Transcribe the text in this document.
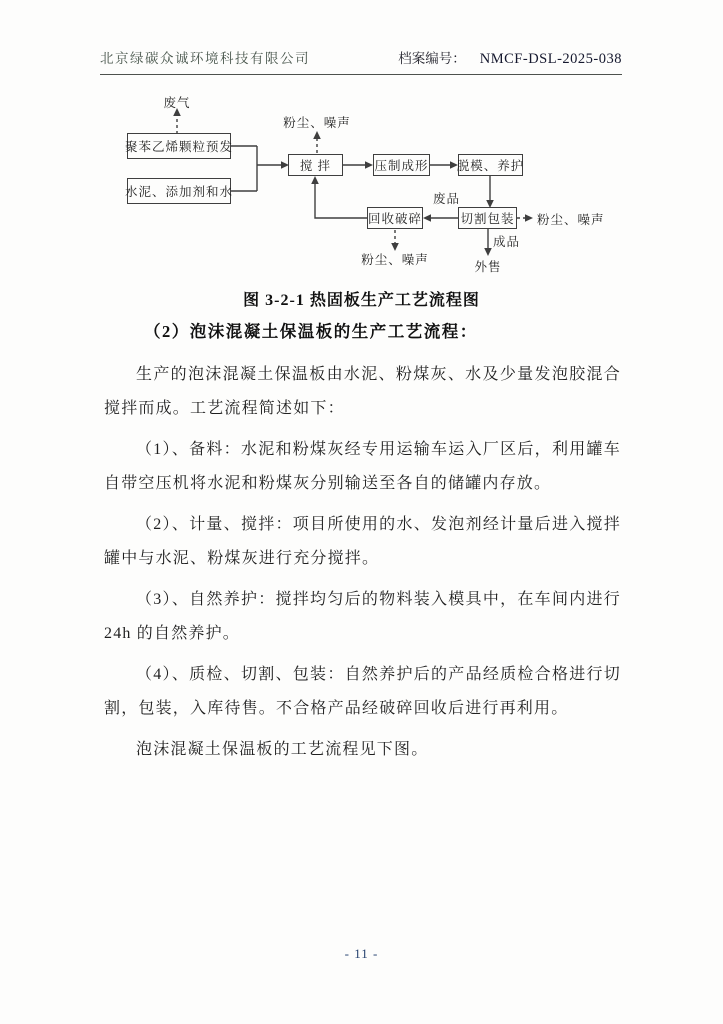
北京绿碳众诚环境科技有限公司	档案编号： NMCF-DSL-2025-038
聚苯乙烯颗粒预发
水泥、添加剂和水
搅 拌	压制成形 脱模、养护
回收破碎	切割包装
废气
粉尘、噪声
废品
粉尘、噪声
粉尘、噪声
成品
外售
图 3-2-1 热固板生产工艺流程图

（2）泡沫混凝土保温板的生产工艺流程：

生产的泡沫混凝土保温板由水泥、粉煤灰、水及少量发泡胶混合搅拌而成。工艺流程简述如下：

（1）、备料：水泥和粉煤灰经专用运输车运入厂区后，利用罐车自带空压机将水泥和粉煤灰分别输送至各自的储罐内存放。

（2）、计量、搅拌：项目所使用的水、发泡剂经计量后进入搅拌罐中与水泥、粉煤灰进行充分搅拌。

（3）、自然养护：搅拌均匀后的物料装入模具中，在车间内进行 24h 的自然养护。

（4）、质检、切割、包装：自然养护后的产品经质检合格进行切割，包装，入库待售。不合格产品经破碎回收后进行再利用。

泡沫混凝土保温板的工艺流程见下图。

- 11 -
